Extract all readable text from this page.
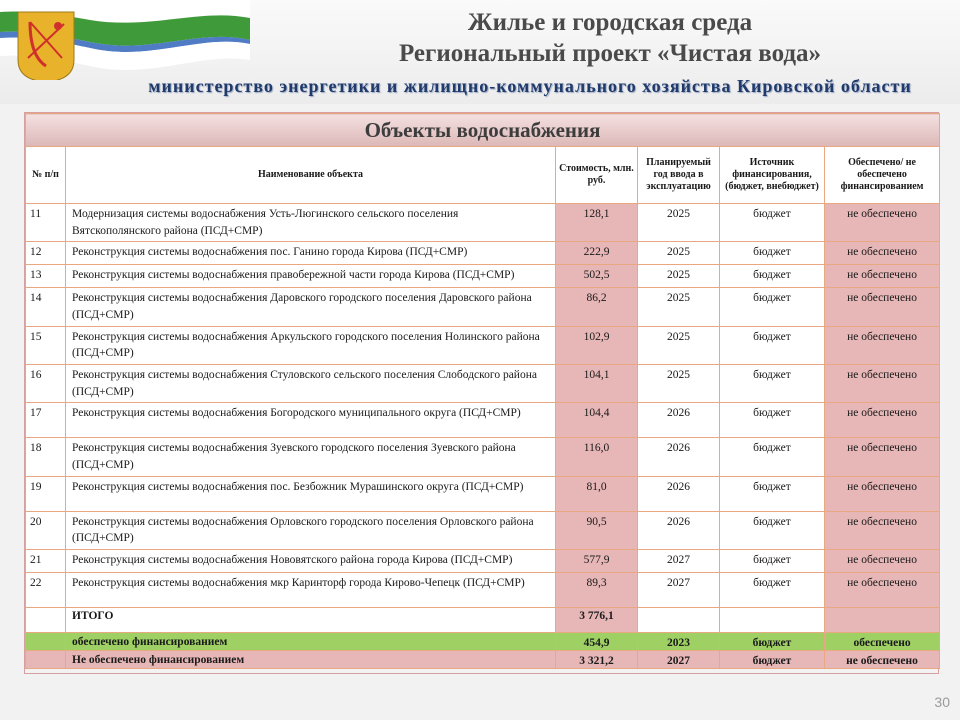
Жилье и городская среда
Региональный проект «Чистая вода»
министерство энергетики и жилищно-коммунального хозяйства Кировской области
Объекты водоснабжения					
№ п/п	Наименование объекта	Стоимость, млн. руб.	Планируемый год ввода в эксплуатацию	Источник финансирования, (бюджет, внебюджет)	Обеспечено/ не обеспечено финансированием
11	Модернизация системы водоснабжения Усть-Люгинского сельского поселения Вятскополянского района (ПСД+СМР)	128,1	2025	бюджет	не обеспечено
12	Реконструкция системы водоснабжения пос. Ганино города Кирова (ПСД+СМР)	222,9	2025	бюджет	не обеспечено
13	Реконструкция системы водоснабжения правобережной части города Кирова (ПСД+СМР)	502,5	2025	бюджет	не обеспечено
14	Реконструкция системы водоснабжения Даровского городского поселения Даровского района (ПСД+СМР)	86,2	2025	бюджет	не обеспечено
15	Реконструкция системы водоснабжения Аркульского городского поселения Нолинского района (ПСД+СМР)	102,9	2025	бюджет	не обеспечено
16	Реконструкция системы водоснабжения Стуловского сельского поселения Слободского района (ПСД+СМР)	104,1	2025	бюджет	не обеспечено
17	Реконструкция системы водоснабжения Богородского муниципального округа (ПСД+СМР)	104,4	2026	бюджет	не обеспечено
18	Реконструкция системы водоснабжения Зуевского городского поселения Зуевского района (ПСД+СМР)	116,0	2026	бюджет	не обеспечено
19	Реконструкция системы водоснабжения пос. Безбожник Мурашинского округа (ПСД+СМР)	81,0	2026	бюджет	не обеспечено
20	Реконструкция системы водоснабжения Орловского городского поселения Орловского района (ПСД+СМР)	90,5	2026	бюджет	не обеспечено
21	Реконструкция системы водоснабжения Нововятского района города Кирова (ПСД+СМР)	577,9	2027	бюджет	не обеспечено
22	Реконструкция системы водоснабжения мкр Каринторф города Кирово-Чепецк (ПСД+СМР)	89,3	2027	бюджет	не обеспечено
	ИТОГО	3 776,1			
	обеспечено финансированием	454,9	2023	бюджет	обеспечено
	Не обеспечено финансированием	3 321,2	2027	бюджет	не обеспечено
30
